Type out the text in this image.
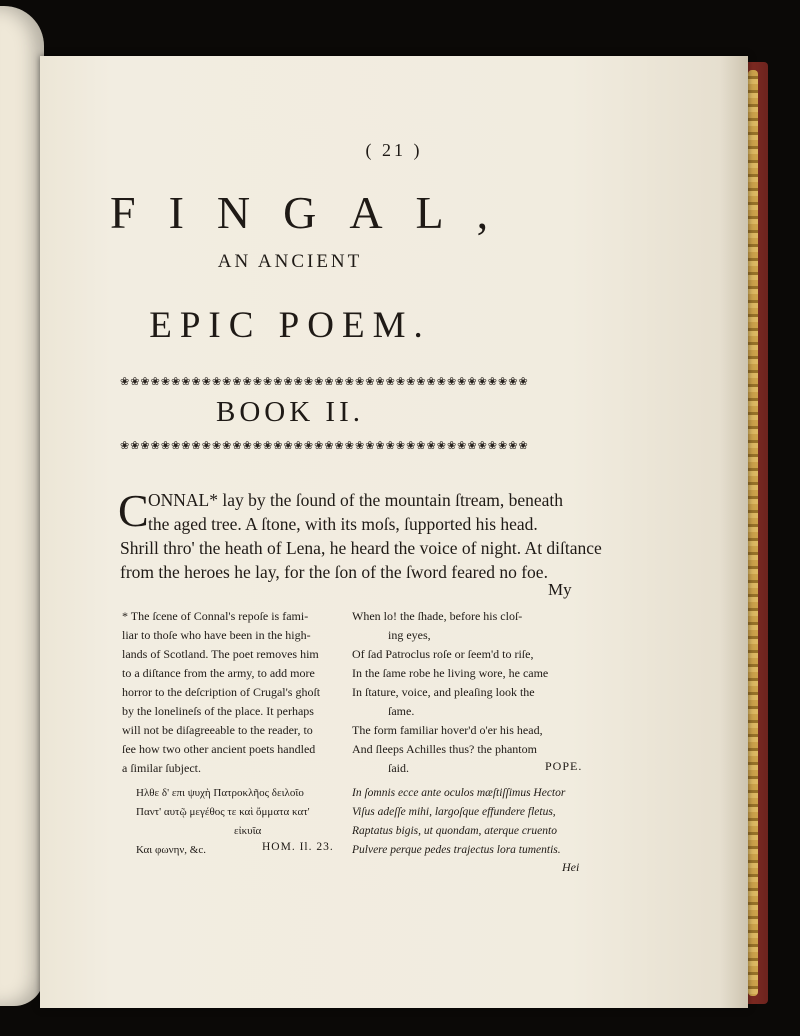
( 21 )
FINGAL,
AN ANCIENT
EPIC POEM.
❀❀❀❀❀❀❀❀❀❀❀❀❀❀❀❀❀❀❀❀❀❀❀❀❀❀❀❀❀❀❀❀❀❀❀❀❀❀❀❀
BOOK II.
❀❀❀❀❀❀❀❀❀❀❀❀❀❀❀❀❀❀❀❀❀❀❀❀❀❀❀❀❀❀❀❀❀❀❀❀❀❀❀❀
C ONNAL* lay by the ſound of the mountain ſtream, beneath
the aged tree. A ſtone, with its moſs, ſupported his head.
Shrill thro' the heath of Lena, he heard the voice of night. At diſtance
from the heroes he lay, for the ſon of the ſword feared no foe.
My
* The ſcene of Connal's repoſe is fami-
liar to thoſe who have been in the high-
lands of Scotland. The poet removes him
to a diſtance from the army, to add more
horror to the deſcription of Crugal's ghoſt
by the lonelineſs of the place. It perhaps
will not be diſagreeable to the reader, to
ſee how two other ancient poets handled
a ſimilar ſubject.
When lo! the ſhade, before his cloſ-
ing eyes,
Of ſad Patroclus roſe or ſeem'd to riſe,
In the ſame robe he living wore, he came
In ſtature, voice, and pleaſing look the
ſame.
The form familiar hover'd o'er his head,
And ſleeps Achilles thus? the phantom
ſaid.	POPE.
Ηλθε δ' επι ψυχὴ Πατροκλῆος δειλοῖο
Παντ' αυτῷ μεγέθος τε καὶ ὄμματα κατ'
εἰκυῖα
Και φωνην, &c.	HOM. Il. 23.
In ſomnis ecce ante oculos mæſtiſſimus Hector
Viſus adeſſe mihi, largoſque effundere fletus,
Raptatus bigis, ut quondam, aterque cruento
Pulvere perque pedes trajectus lora tumentis.
Hei
